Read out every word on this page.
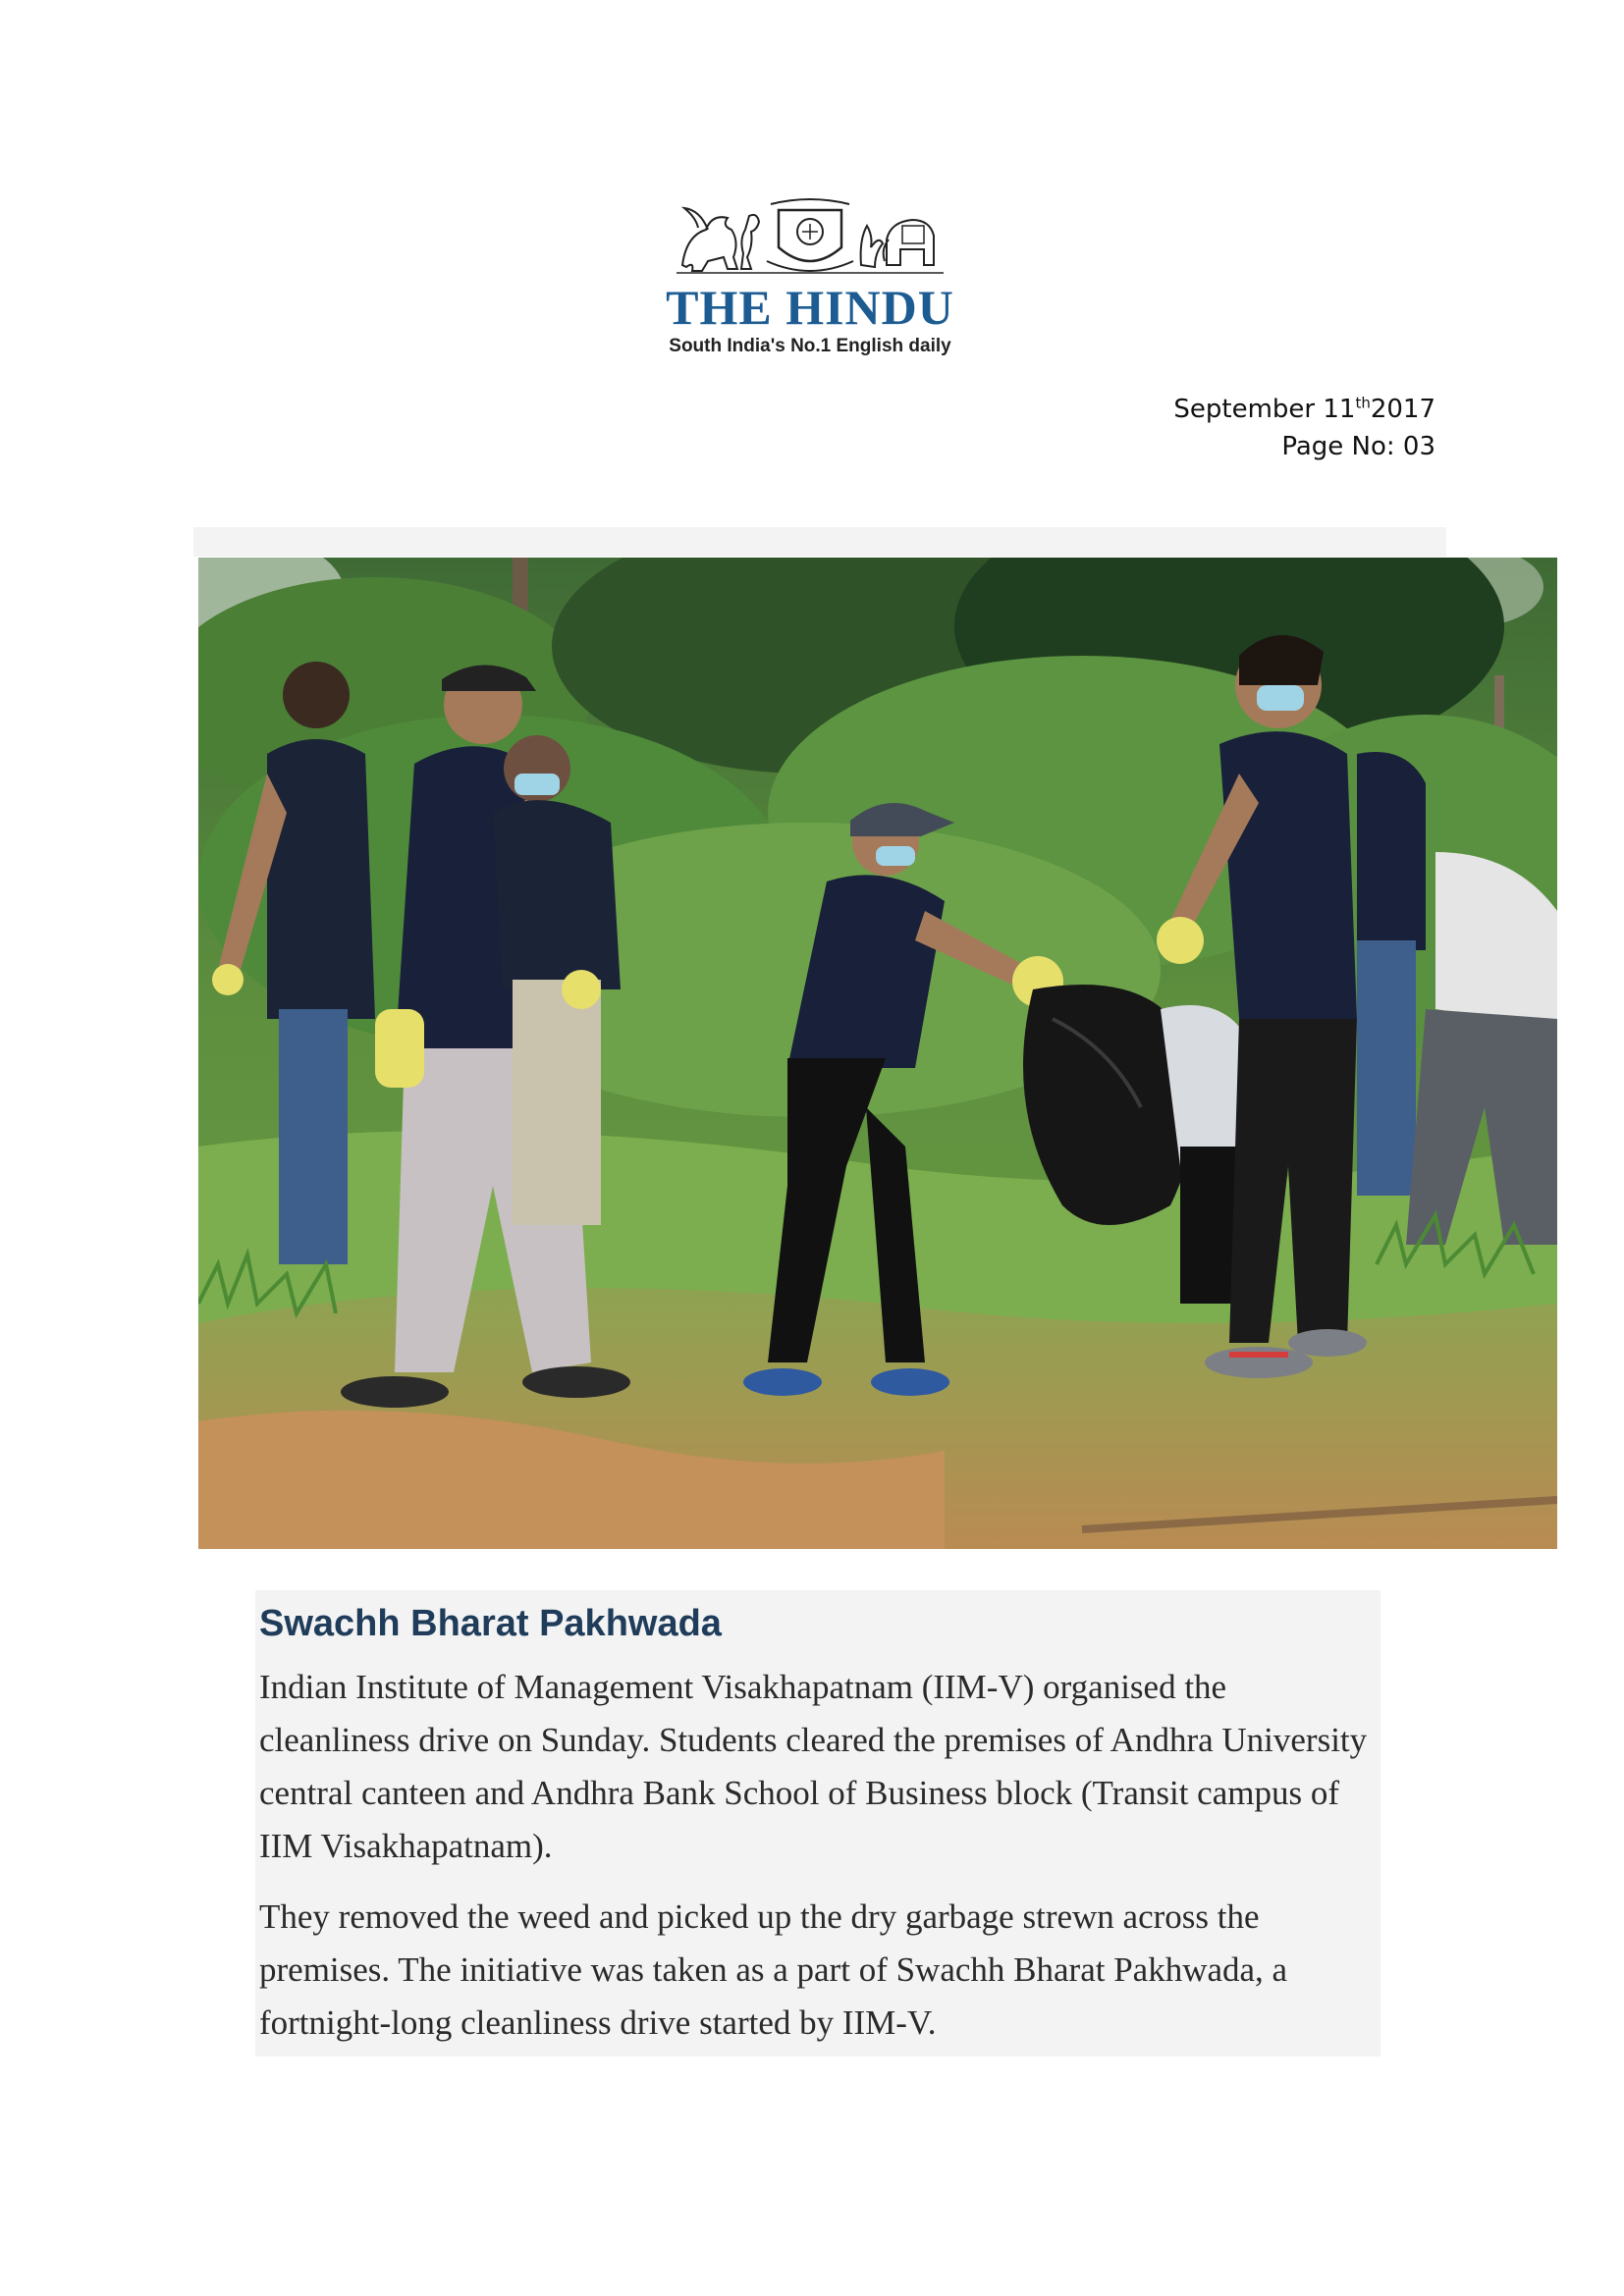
THE HINDU
South India's No.1 English daily
September 11th2017
Page No: 03
Swachh Bharat Pakhwada

Indian Institute of Management Visakhapatnam (IIM-V) organised the cleanliness drive on Sunday. Students cleared the premises of Andhra University central canteen and Andhra Bank School of Business block (Transit campus of IIM Visakhapatnam).

They removed the weed and picked up the dry garbage strewn across the premises. The initiative was taken as a part of Swachh Bharat Pakhwada, a fortnight-long cleanliness drive started by IIM-V.
